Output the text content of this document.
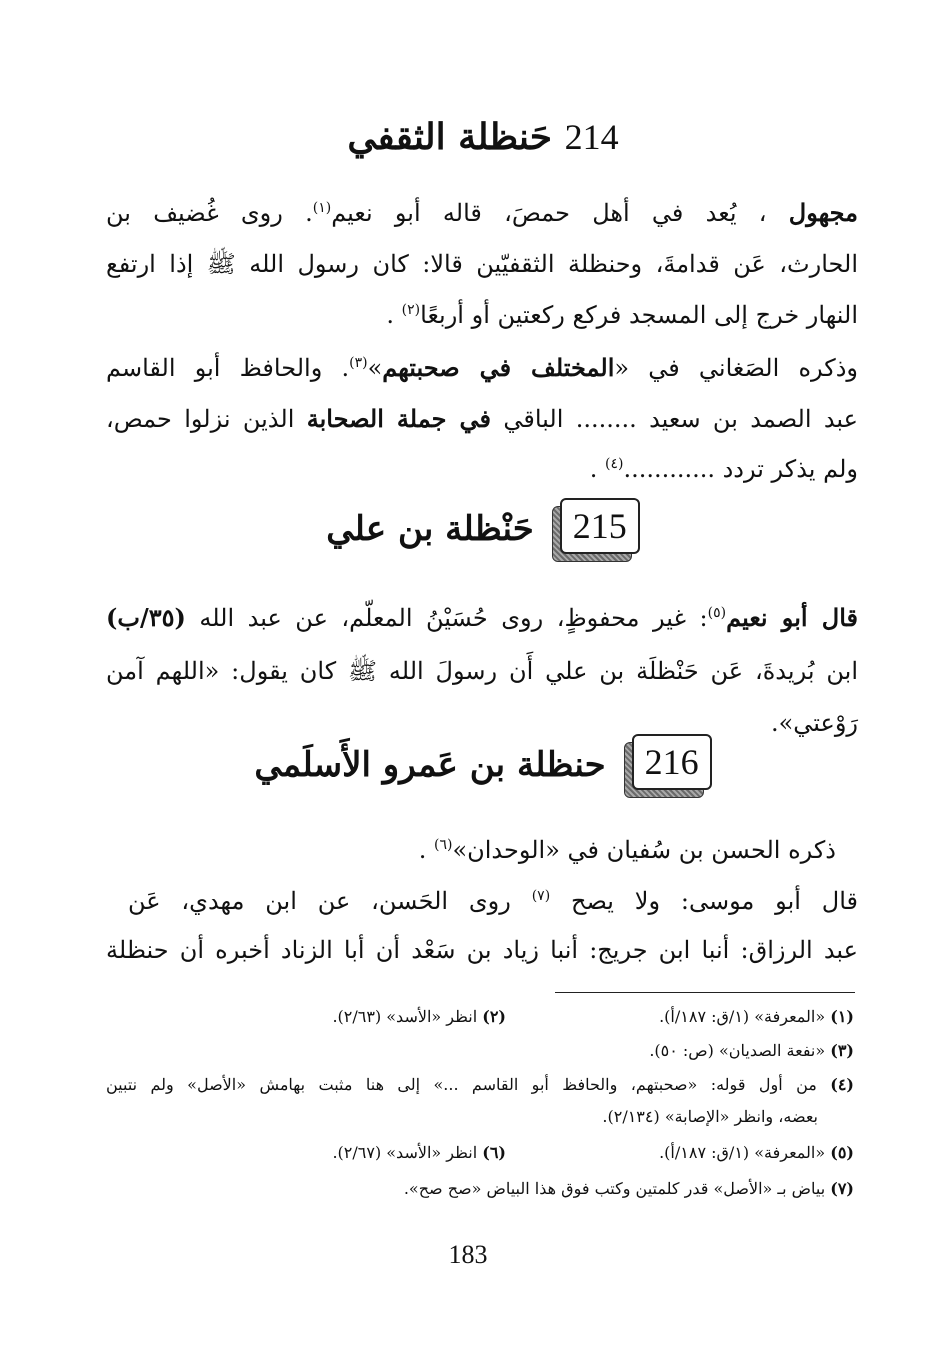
214 حَنظلة الثقفي
مجهول ، يُعد في أهل حمصَ، قاله أبو نعيم$^{(١)}$. روى غُضيف بن
الحارث، عَن قدامةَ، وحنظلة الثقفيّين قالا: كان رسول الله ﷺ إذا ارتفع
النهار خرج إلى المسجد فركع ركعتين أو أربعًا$^{(٢)}$ .
وذكره الصَغاني في «المختلف في صحبتهم»$^{(٣)}$. والحافظ أبو القاسم
عبد الصمد بن سعيد ........ الباقي في جملة الصحابة الذين نزلوا حمص،
ولم يذكر تردد ............$^{(٤)}$ .
215
حَنْظلة بن علي
قال أبو نعيم$^{(٥)}$: غير محفوظٍ، روى حُسَيْنُ المعلّم، عن عبد الله (٣٥/ب)
ابن بُريدةَ، عَن حَنْظلَة بن علي أَن رسولَ الله ﷺ كان يقول: «اللهم آمن
رَوْعتي».
216
حنظلة بن عَمرو الأَسلَمي
ذكره الحسن بن سُفيان في «الوحدان»$^{(٦)}$ .
قال أبو موسى: ولا يصح $^{(٧)}$ روى الحَسن، عن ابن مهدي، عَن
عبد الرزاق: أنبا ابن جريج: أنبا زياد بن سَعْد أن أبا الزناد أخبره أن حنظلة
(١) «المعرفة» (١/ق: ١٨٧/أ).
(٢) انظر «الأسد» (٢/٦٣).
(٣) «نفعة الصديان» (ص: ٥٠).
(٤) من أول قوله: «صحبتهم، والحافظ أبو القاسم ...» إلى هنا مثبت بهامش «الأصل» ولم نتبين
بعضه، وانظر «الإصابة» (٢/١٣٤).
(٥) «المعرفة» (١/ق: ١٨٧/أ).
(٦) انظر «الأسد» (٢/٦٧).
(٧) بياض بـ «الأصل» قدر كلمتين وكتب فوق هذا البياض «صح صح».
183
